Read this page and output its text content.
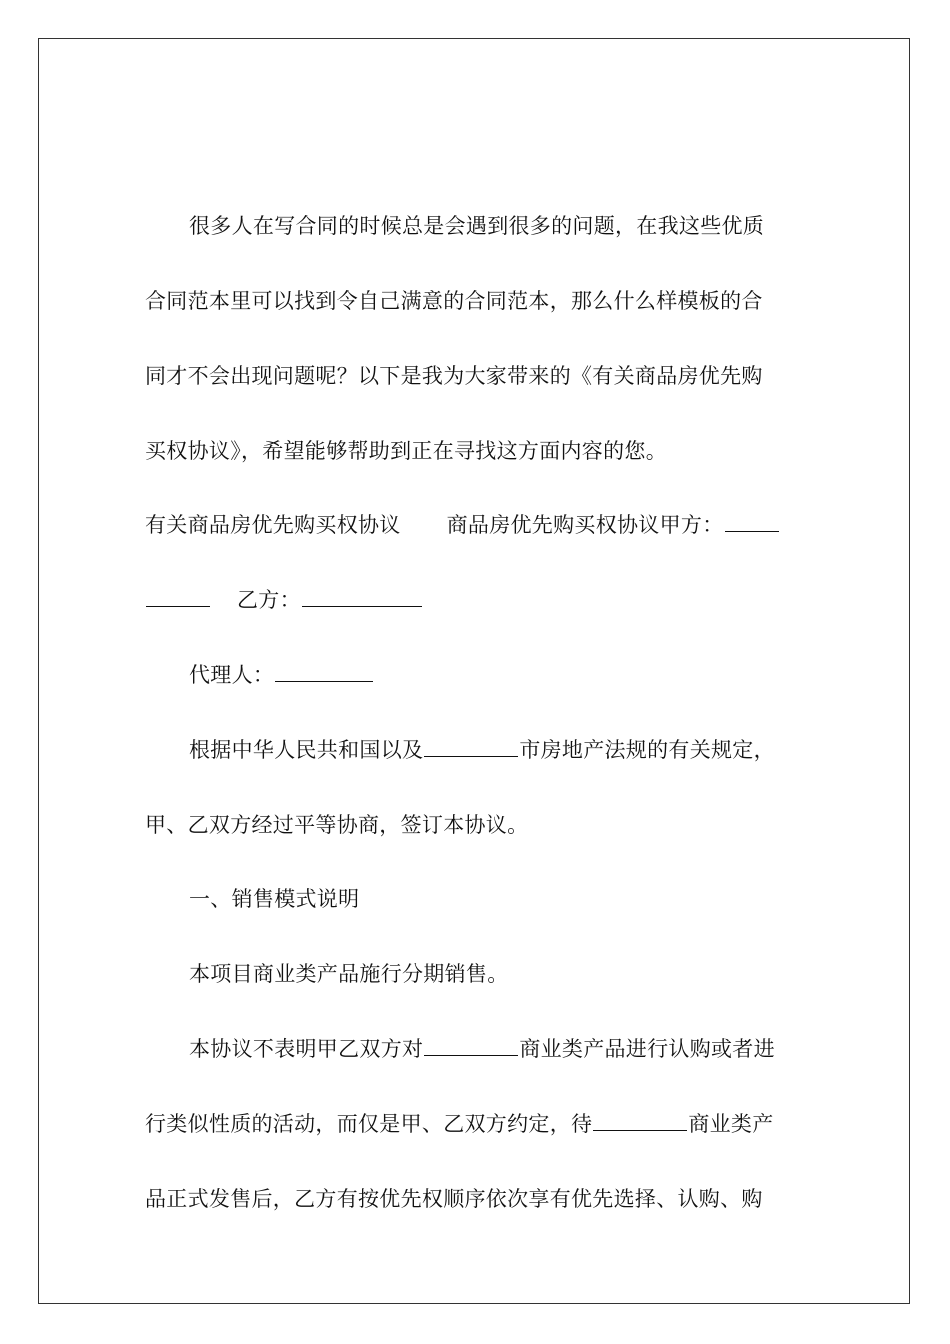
很多人在写合同的时候总是会遇到很多的问题，在我这些优质
合同范本里可以找到令自己满意的合同范本，那么什么样模板的合
同才不会出现问题呢？以下是我为大家带来的《有关商品房优先购
买权协议》，希望能够帮助到正在寻找这方面内容的您。
有关商品房优先购买权协议 商品房优先购买权协议甲方：
乙方：
代理人：
根据中华人民共和国以及	市房地产法规的有关规定，
甲、乙双方经过平等协商，签订本协议。
一、销售模式说明
本项目商业类产品施行分期销售。
本协议不表明甲乙双方对	商业类产品进行认购或者进
行类似性质的活动，而仅是甲、乙双方约定，待	商业类产
品正式发售后，乙方有按优先权顺序依次享有优先选择、认购、购
